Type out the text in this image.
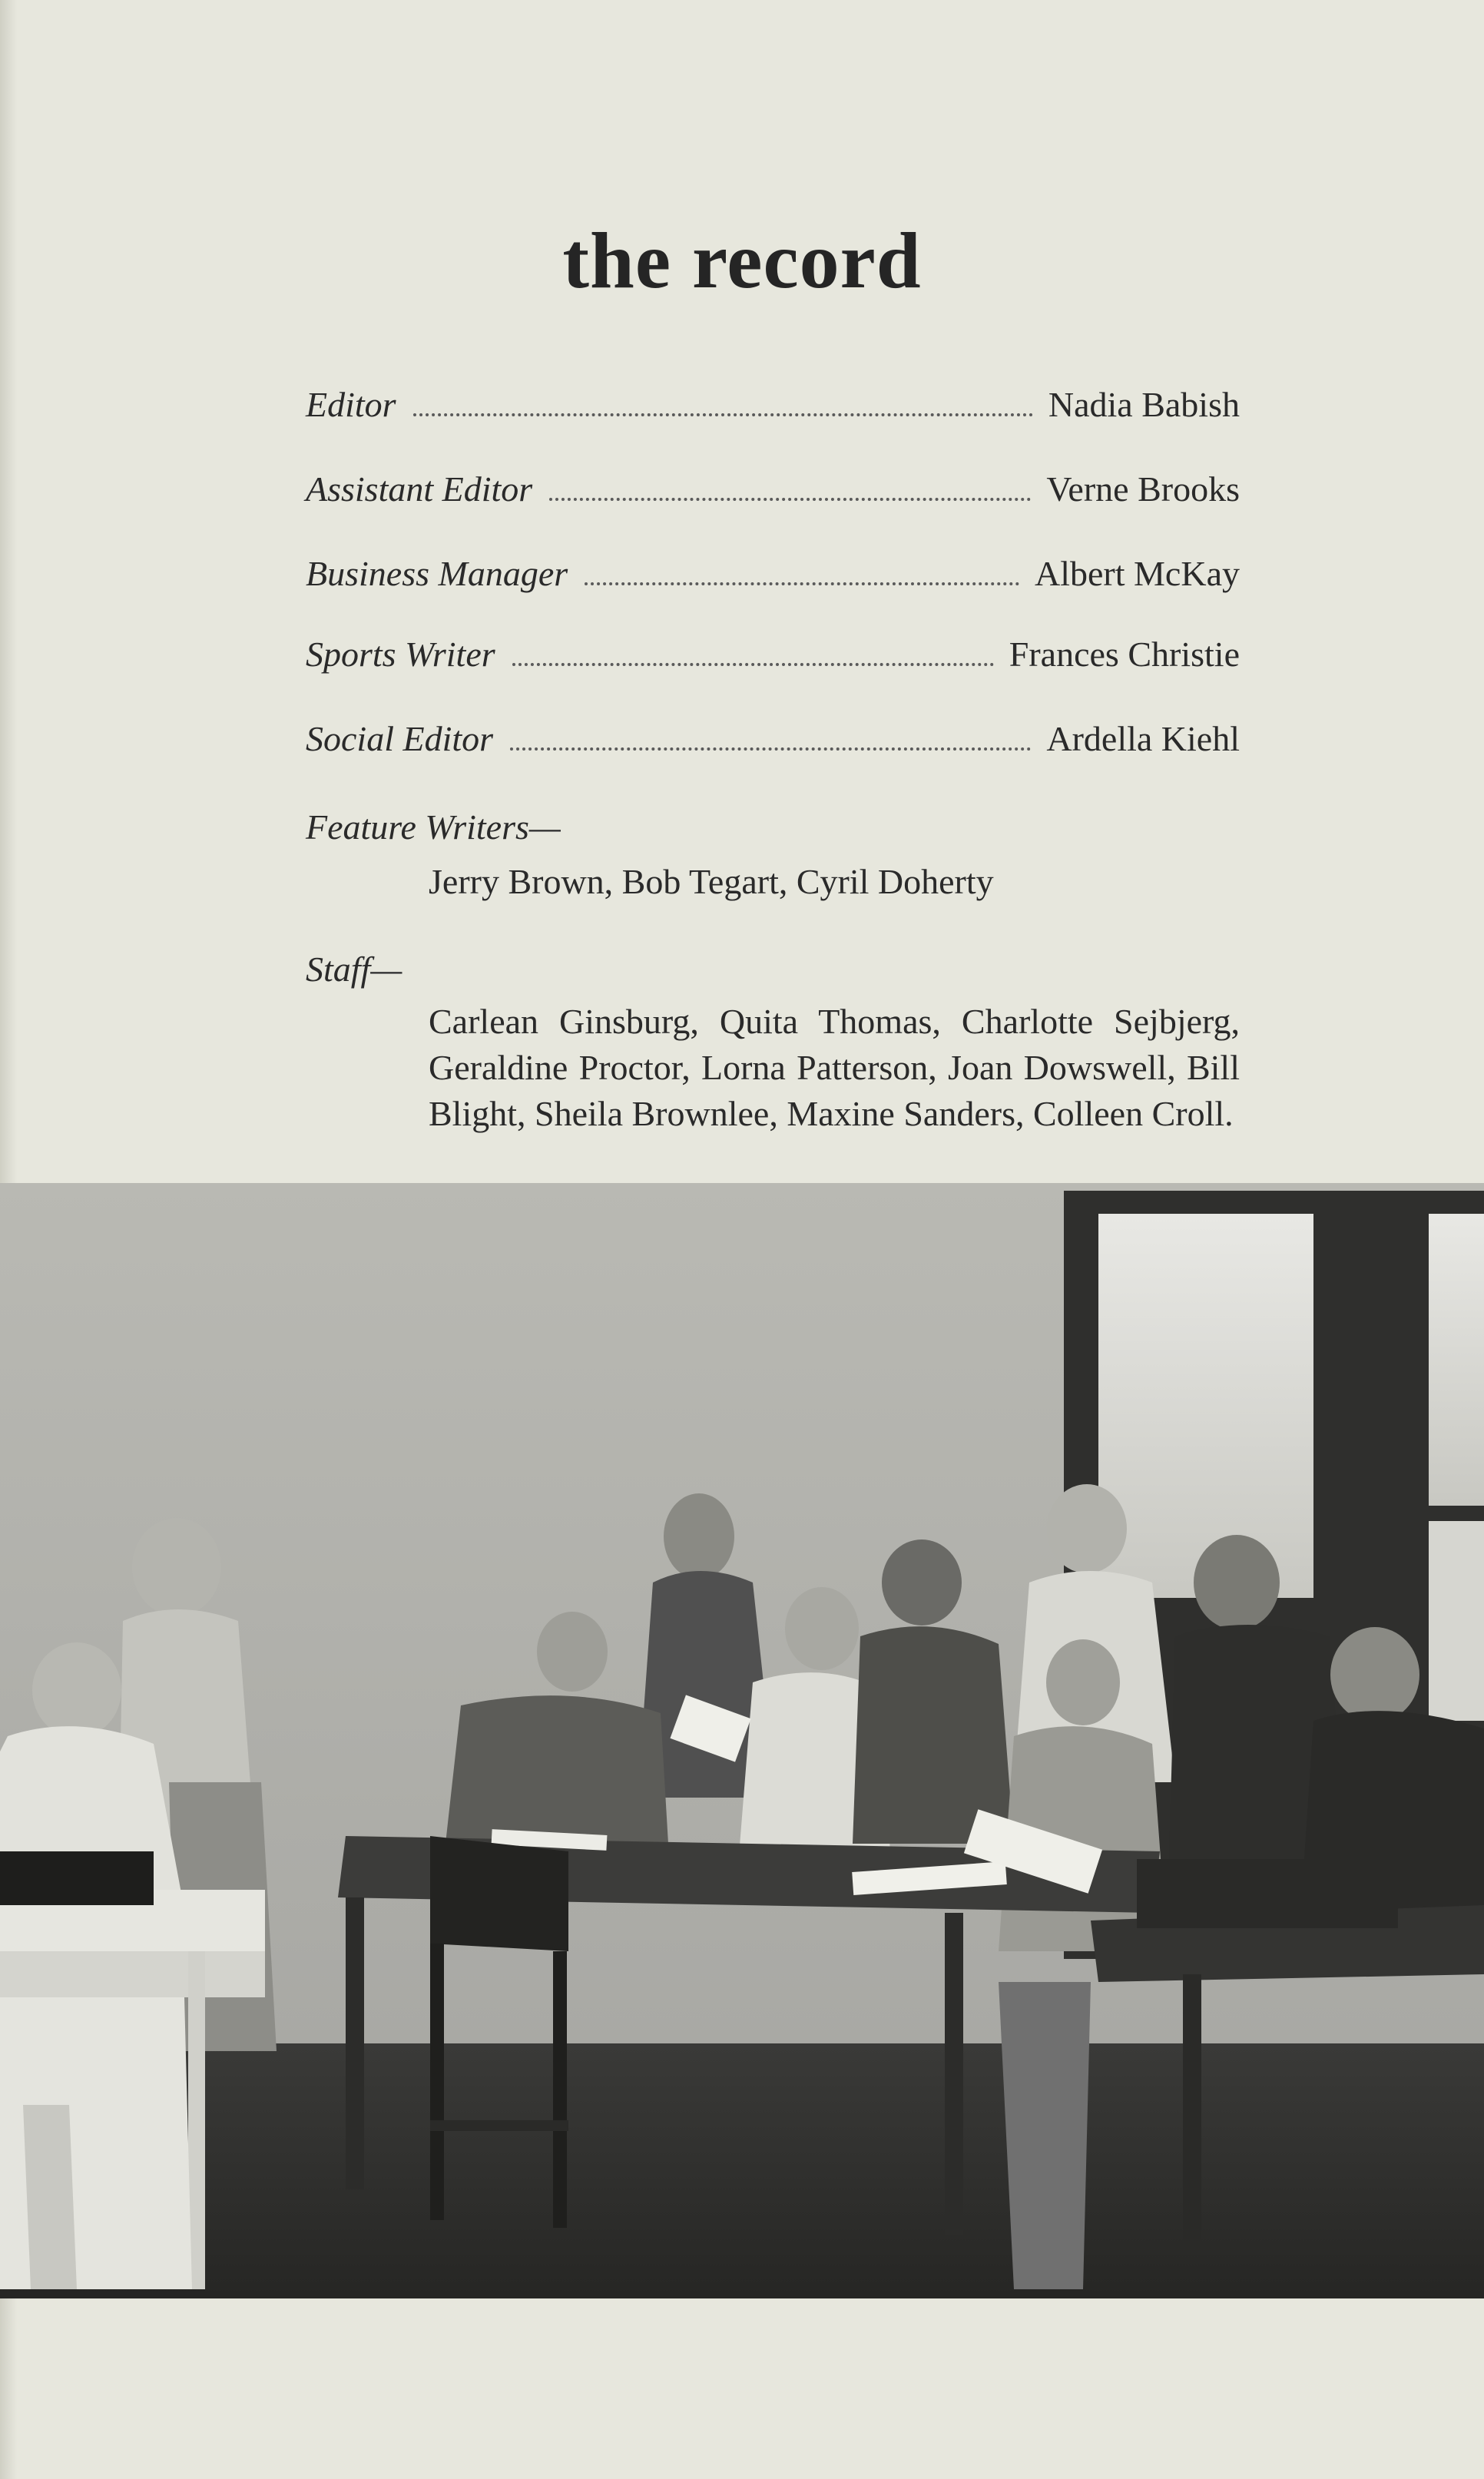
the record
Editor	Nadia Babish
Assistant Editor	Verne Brooks
Business Manager	Albert McKay
Sports Writer	Frances Christie
Social Editor	Ardella Kiehl
Feature Writers—
Jerry Brown, Bob Tegart, Cyril Doherty
Staff—
Carlean Ginsburg, Quita Thomas, Charlotte Sejbjerg, Geraldine Proctor, Lorna Patterson, Joan Dowswell, Bill Blight, Sheila Brownlee, Maxine Sanders, Colleen Croll.
